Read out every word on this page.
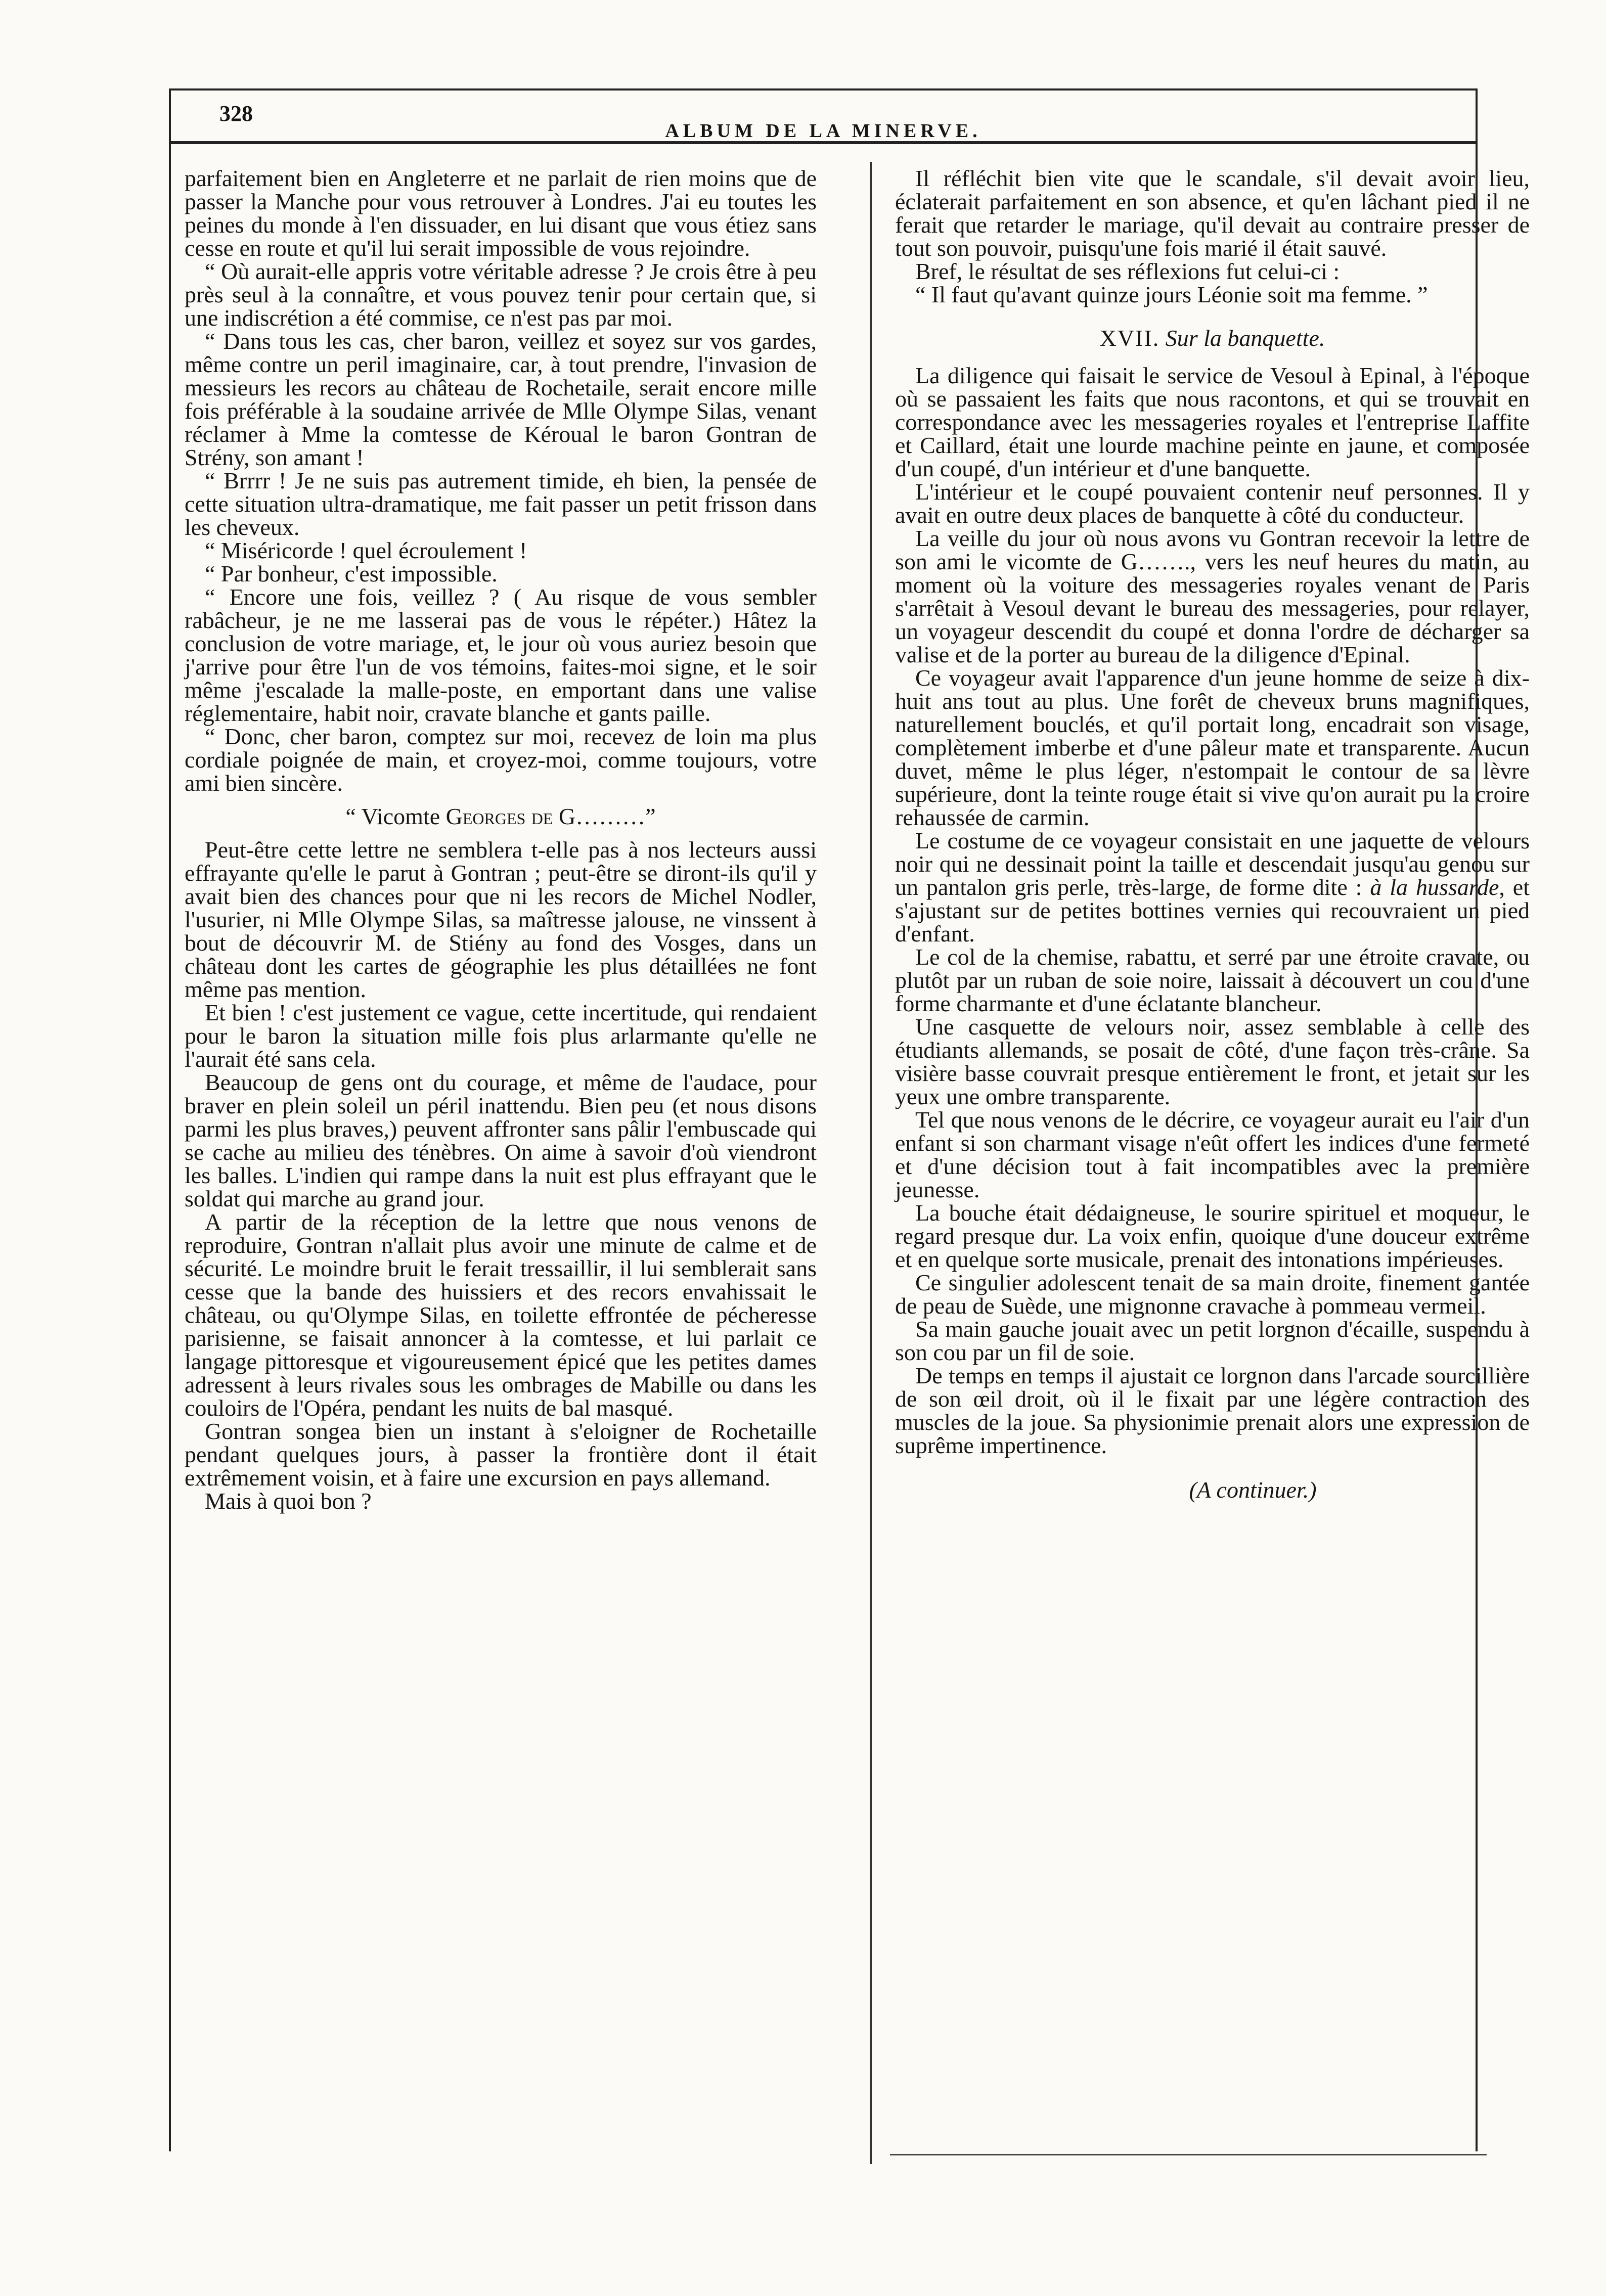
328
ALBUM DE LA MINERVE.

parfaitement bien en Angleterre et ne parlait de rien moins que de passer la Manche pour vous retrouver à Londres. J'ai eu toutes les peines du monde à l'en dissuader, en lui disant que vous étiez sans cesse en route et qu'il lui serait impossible de vous rejoindre.

“ Où aurait-elle appris votre véritable adresse ? Je crois être à peu près seul à la connaître, et vous pouvez tenir pour certain que, si une indiscrétion a été commise, ce n'est pas par moi.

“ Dans tous les cas, cher baron, veillez et soyez sur vos gardes, même contre un peril imaginaire, car, à tout prendre, l'invasion de messieurs les recors au château de Rochetaile, serait encore mille fois préférable à la soudaine arrivée de Mlle Olympe Silas, venant réclamer à Mme la comtesse de Kéroual le baron Gontran de Strény, son amant !

“ Brrrr ! Je ne suis pas autrement timide, eh bien, la pensée de cette situation ultra-dramatique, me fait passer un petit frisson dans les cheveux.

“ Miséricorde ! quel écroulement !

“ Par bonheur, c'est impossible.

“ Encore une fois, veillez ? ( Au risque de vous sembler rabâcheur, je ne me lasserai pas de vous le répéter.) Hâtez la conclusion de votre mariage, et, le jour où vous auriez besoin que j'arrive pour être l'un de vos témoins, faites-moi signe, et le soir même j'escalade la malle-poste, en emportant dans une valise réglementaire, habit noir, cravate blanche et gants paille.

“ Donc, cher baron, comptez sur moi, recevez de loin ma plus cordiale poignée de main, et croyez-moi, comme toujours, votre ami bien sincère.

“ Vicomte Georges de G………”

Peut-être cette lettre ne semblera t-elle pas à nos lecteurs aussi effrayante qu'elle le parut à Gontran ; peut-être se diront-ils qu'il y avait bien des chances pour que ni les recors de Michel Nodler, l'usurier, ni Mlle Olympe Silas, sa maîtresse jalouse, ne vinssent à bout de découvrir M. de Stiény au fond des Vosges, dans un château dont les cartes de géographie les plus détaillées ne font même pas mention.

Et bien ! c'est justement ce vague, cette incertitude, qui rendaient pour le baron la situation mille fois plus arlarmante qu'elle ne l'aurait été sans cela.

Beaucoup de gens ont du courage, et même de l'audace, pour braver en plein soleil un péril inattendu. Bien peu (et nous disons parmi les plus braves,) peuvent affronter sans pâlir l'embuscade qui se cache au milieu des ténèbres. On aime à savoir d'où viendront les balles. L'indien qui rampe dans la nuit est plus effrayant que le soldat qui marche au grand jour.

A partir de la réception de la lettre que nous venons de reproduire, Gontran n'allait plus avoir une minute de calme et de sécurité. Le moindre bruit le ferait tressaillir, il lui semblerait sans cesse que la bande des huissiers et des recors envahissait le château, ou qu'Olympe Silas, en toilette effrontée de pécheresse parisienne, se faisait annoncer à la comtesse, et lui parlait ce langage pittoresque et vigoureusement épicé que les petites dames adressent à leurs rivales sous les ombrages de Mabille ou dans les couloirs de l'Opéra, pendant les nuits de bal masqué.

Gontran songea bien un instant à s'eloigner de Rochetaille pendant quelques jours, à passer la frontière dont il était extrêmement voisin, et à faire une excursion en pays allemand.

Mais à quoi bon ?

Il réfléchit bien vite que le scandale, s'il devait avoir lieu, éclaterait parfaitement en son absence, et qu'en lâchant pied il ne ferait que retarder le mariage, qu'il devait au contraire presser de tout son pouvoir, puisqu'une fois marié il était sauvé.

Bref, le résultat de ses réflexions fut celui-ci :

“ Il faut qu'avant quinze jours Léonie soit ma femme. ”

XVII. Sur la banquette.

La diligence qui faisait le service de Vesoul à Epinal, à l'époque où se passaient les faits que nous racontons, et qui se trouvait en correspondance avec les messageries royales et l'entreprise Laffite et Caillard, était une lourde machine peinte en jaune, et composée d'un coupé, d'un intérieur et d'une banquette.

L'intérieur et le coupé pouvaient contenir neuf personnes. Il y avait en outre deux places de banquette à côté du conducteur.

La veille du jour où nous avons vu Gontran recevoir la lettre de son ami le vicomte de G……., vers les neuf heures du matin, au moment où la voiture des messageries royales venant de Paris s'arrêtait à Vesoul devant le bureau des messageries, pour relayer, un voyageur descendit du coupé et donna l'ordre de décharger sa valise et de la porter au bureau de la diligence d'Epinal.

Ce voyageur avait l'apparence d'un jeune homme de seize à dix-huit ans tout au plus. Une forêt de cheveux bruns magnifiques, naturellement bouclés, et qu'il portait long, encadrait son visage, complètement imberbe et d'une pâleur mate et transparente. Aucun duvet, même le plus léger, n'estompait le contour de sa lèvre supérieure, dont la teinte rouge était si vive qu'on aurait pu la croire rehaussée de carmin.

Le costume de ce voyageur consistait en une jaquette de velours noir qui ne dessinait point la taille et descendait jusqu'au genou sur un pantalon gris perle, très-large, de forme dite : à la hussarde, et s'ajustant sur de petites bottines vernies qui recouvraient un pied d'enfant.

Le col de la chemise, rabattu, et serré par une étroite cravate, ou plutôt par un ruban de soie noire, laissait à découvert un cou d'une forme charmante et d'une éclatante blancheur.

Une casquette de velours noir, assez semblable à celle des étudiants allemands, se posait de côté, d'une façon très-crâne. Sa visière basse couvrait presque entièrement le front, et jetait sur les yeux une ombre transparente.

Tel que nous venons de le décrire, ce voyageur aurait eu l'air d'un enfant si son charmant visage n'eût offert les indices d'une fermeté et d'une décision tout à fait incompatibles avec la première jeunesse.

La bouche était dédaigneuse, le sourire spirituel et moqueur, le regard presque dur. La voix enfin, quoique d'une douceur extrême et en quelque sorte musicale, prenait des intonations impérieuses.

Ce singulier adolescent tenait de sa main droite, finement gantée de peau de Suède, une mignonne cravache à pommeau vermeil.

Sa main gauche jouait avec un petit lorgnon d'écaille, suspendu à son cou par un fil de soie.

De temps en temps il ajustait ce lorgnon dans l'arcade sourcillière de son œil droit, où il le fixait par une légère contraction des muscles de la joue. Sa physionimie prenait alors une expression de suprême impertinence.

(A continuer.)
